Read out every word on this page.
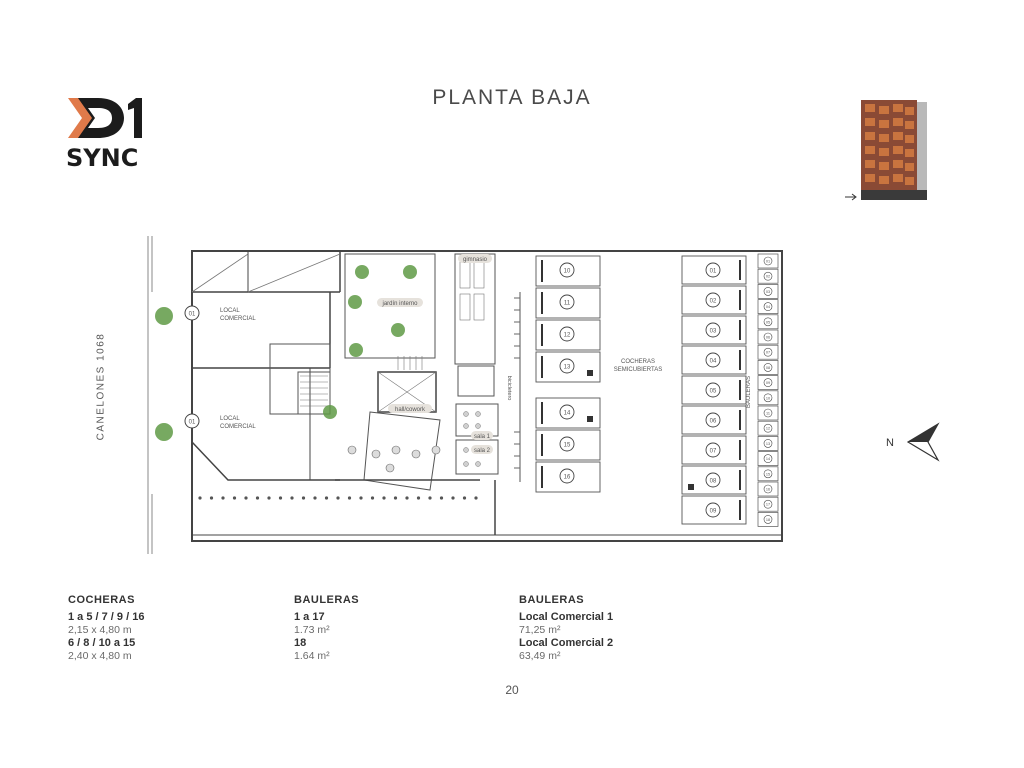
SYNC
PLANTA BAJA
CANELONES 1068
10
11
12
13
14
15
16
01
02
03
04
05
06
07
08
09
01
02
03
04
05
06
07
08
09
10
11
12
13
14
15
16
17
18
LOCAL
COMERCIAL
LOCAL
COMERCIAL
01
01
gimnasio
jardín interno
hall/cowork
sala 1
sala 2
bicicletero
COCHERAS
SEMICUBIERTAS
BAULERAS
N
COCHERAS
1 a 5 / 7 / 9 / 16
2,15 x 4,80 m
6 / 8 / 10 a 15
2,40 x 4,80 m
BAULERAS
1 a 17
1.73 m²
18
1.64 m²
BAULERAS
Local Comercial 1
71,25 m²
Local Comercial 2
63,49 m²
20
